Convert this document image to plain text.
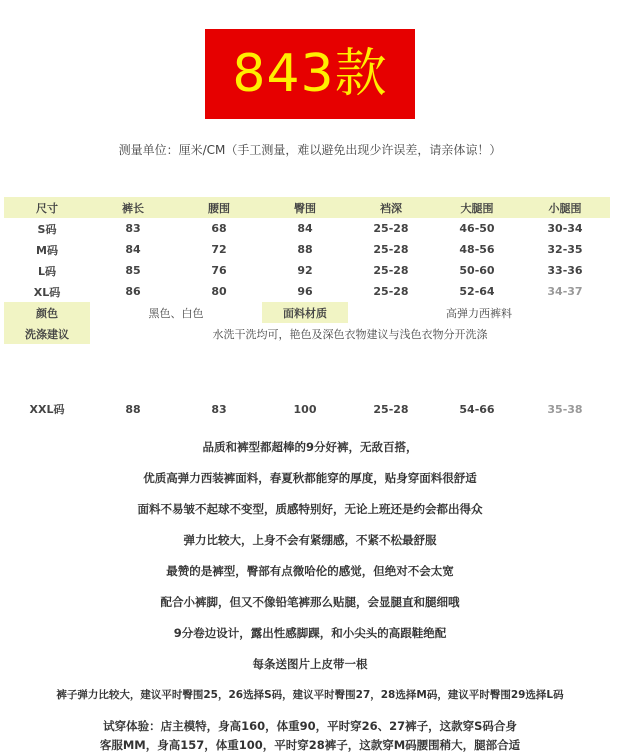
843款
测量单位：厘米/CM（手工测量，难以避免出现少许误差，请亲体谅！）
尺寸	裤长	腰围	臀围	裆深	大腿围	小腿围
S码	83	68	84	25-28	46-50	30-34
M码	84	72	88	25-28	48-56	32-35
L码	85	76	92	25-28	50-60	33-36
XL码	86	80	96	25-28	52-64	34-37
颜色	黑色、白色		面料材质	高弹力西裤料		
洗涤建议	水洗干洗均可，艳色及深色衣物建议与浅色衣物分开洗涤					
XXL码	88	83	100	25-28	54-66	35-38

品质和裤型都超棒的9分好裤，无敌百搭，

优质高弹力西装裤面料，春夏秋都能穿的厚度，贴身穿面料很舒适

面料不易皱不起球不变型，质感特别好，无论上班还是约会都出得众

弹力比较大，上身不会有紧绷感，不紧不松最舒服

最赞的是裤型，臀部有点微哈伦的感觉，但绝对不会太宽

配合小裤脚，但又不像铅笔裤那么贴腿，会显腿直和腿细哦

9分卷边设计，露出性感脚踝，和小尖头的高跟鞋绝配

每条送图片上皮带一根

裤子弹力比较大，建议平时臀围25，26选择S码，建议平时臀围27，28选择M码，建议平时臀围29选择L码

试穿体验：店主模特，身高160，体重90，平时穿26、27裤子，这款穿S码合身

客服MM，身高157，体重100，平时穿28裤子，这款穿M码腰围稍大，腿部合适
